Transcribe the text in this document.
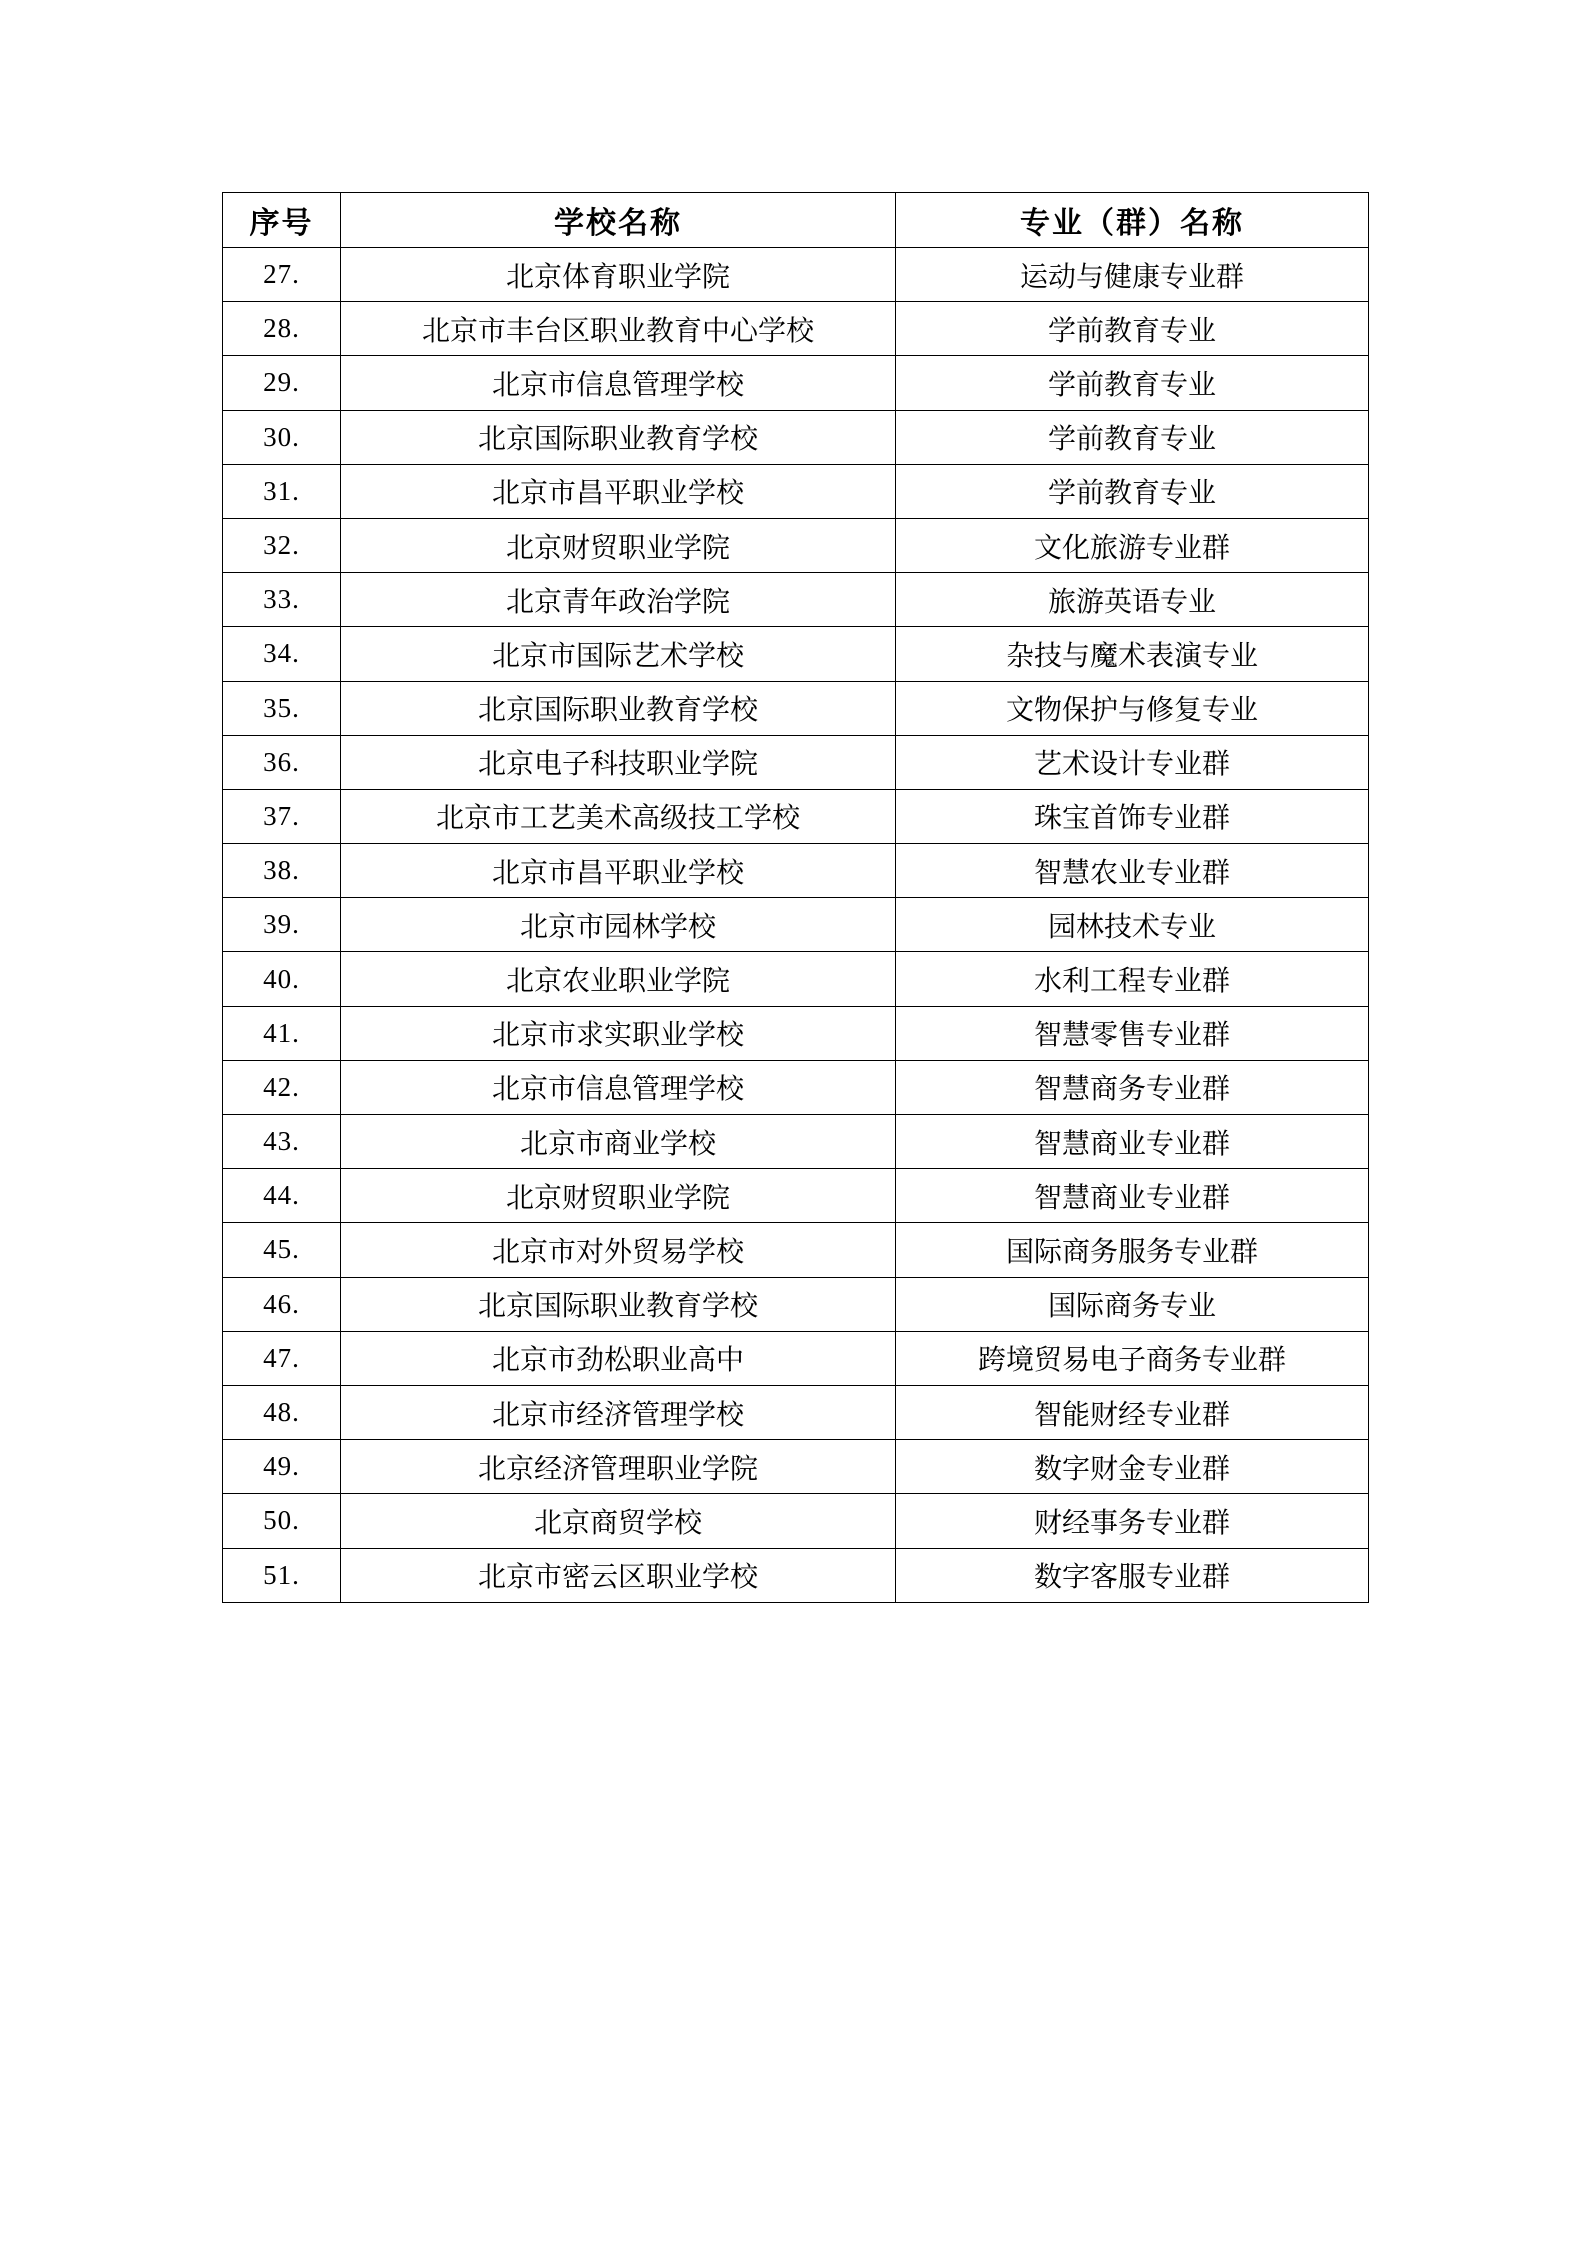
序号	学校名称	专业（群）名称
27.	北京体育职业学院	运动与健康专业群
28.	北京市丰台区职业教育中心学校	学前教育专业
29.	北京市信息管理学校	学前教育专业
30.	北京国际职业教育学校	学前教育专业
31.	北京市昌平职业学校	学前教育专业
32.	北京财贸职业学院	文化旅游专业群
33.	北京青年政治学院	旅游英语专业
34.	北京市国际艺术学校	杂技与魔术表演专业
35.	北京国际职业教育学校	文物保护与修复专业
36.	北京电子科技职业学院	艺术设计专业群
37.	北京市工艺美术高级技工学校	珠宝首饰专业群
38.	北京市昌平职业学校	智慧农业专业群
39.	北京市园林学校	园林技术专业
40.	北京农业职业学院	水利工程专业群
41.	北京市求实职业学校	智慧零售专业群
42.	北京市信息管理学校	智慧商务专业群
43.	北京市商业学校	智慧商业专业群
44.	北京财贸职业学院	智慧商业专业群
45.	北京市对外贸易学校	国际商务服务专业群
46.	北京国际职业教育学校	国际商务专业
47.	北京市劲松职业高中	跨境贸易电子商务专业群
48.	北京市经济管理学校	智能财经专业群
49.	北京经济管理职业学院	数字财金专业群
50.	北京商贸学校	财经事务专业群
51.	北京市密云区职业学校	数字客服专业群
